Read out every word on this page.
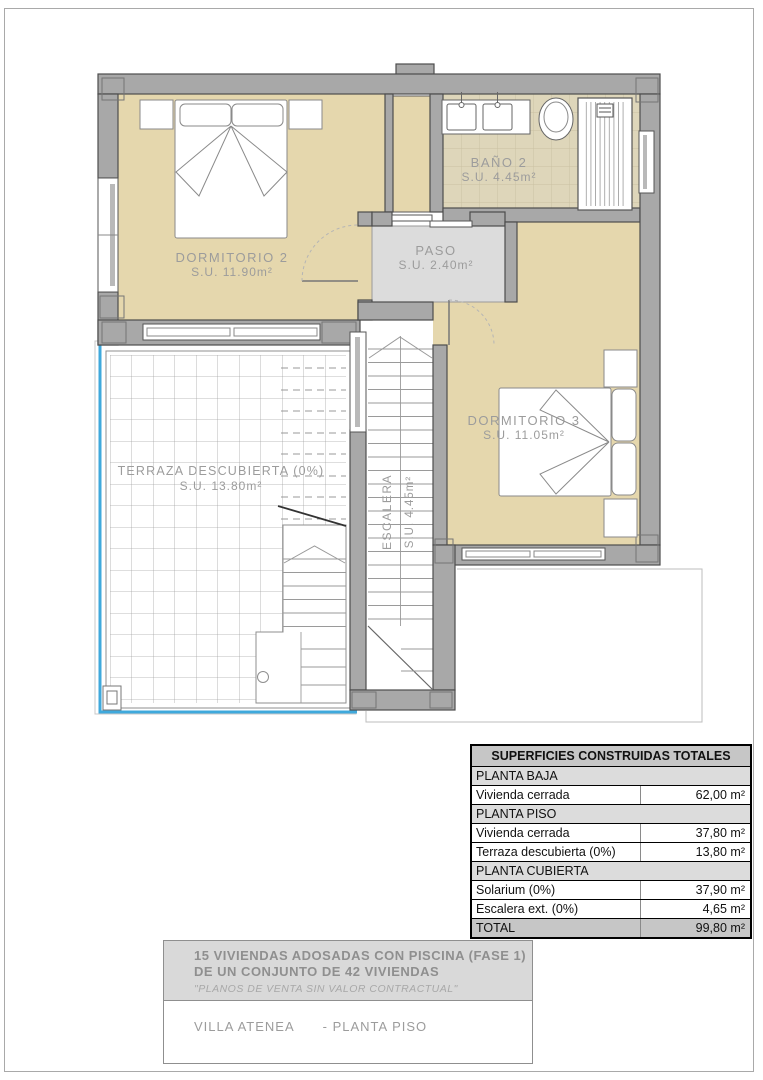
DORMITORIO 2
S.U. 11.90m²
BAÑO 2
S.U. 4.45m²
PASO
S.U. 2.40m²
DORMITORIO 3
S.U. 11.05m²
TERRAZA DESCUBIERTA (0%)
S.U. 13.80m²	ESCALERA S.U. 4.45m²
SUPERFICIES CONSTRUIDAS TOTALES
PLANTA BAJA
Vivienda cerrada	62,00 m²
PLANTA PISO
Vivienda cerrada	37,80 m²
Terraza descubierta (0%)	13,80 m²
PLANTA CUBIERTA
Solarium (0%)	37,90 m²
Escalera ext. (0%)	4,65 m²
TOTAL	99,80 m²
15 VIVIENDAS ADOSADAS CON PISCINA (FASE 1)
DE UN CONJUNTO DE 42 VIVIENDAS
"PLANOS DE VENTA SIN VALOR CONTRACTUAL"
VILLA ATENEA - PLANTA PISO
